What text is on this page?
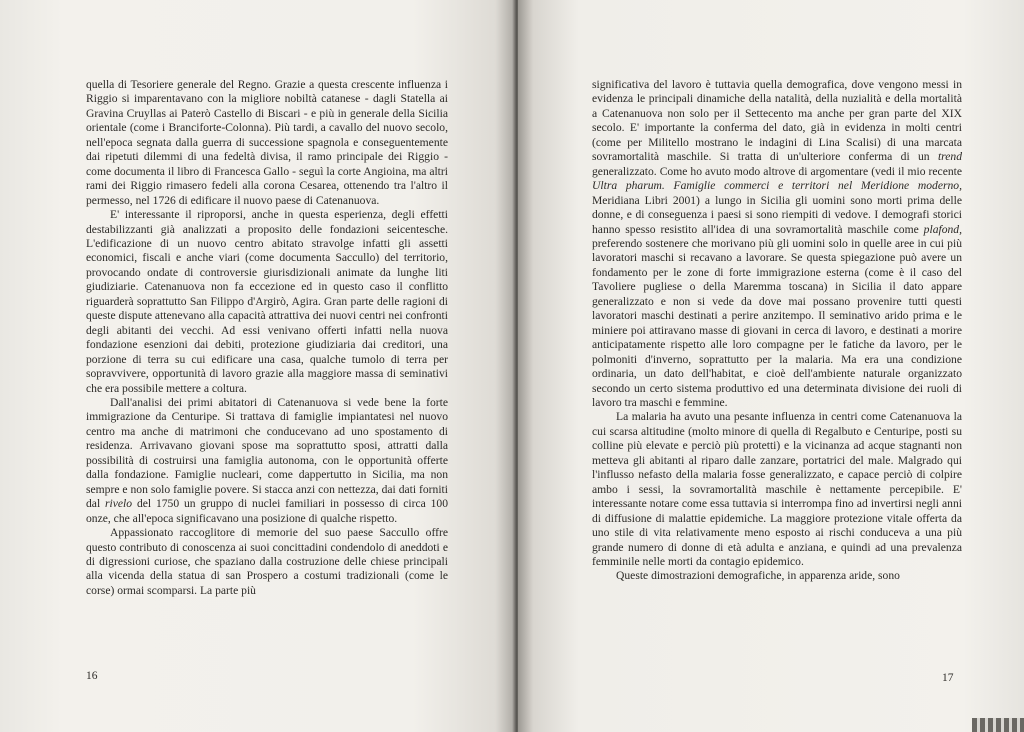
quella di Tesoriere generale del Regno. Grazie a questa crescente influenza i Riggio si imparentavano con la migliore nobiltà catanese - dagli Statella ai Gravina Cruyllas ai Paterò Castello di Biscari - e più in generale della Sicilia orientale (come i Branciforte-Colonna). Più tardi, a cavallo del nuovo secolo, nell'epoca segnata dalla guerra di successione spagnola e conseguentemente dai ripetuti dilemmi di una fedeltà divisa, il ramo principale dei Riggio - come documenta il libro di Francesca Gallo - seguì la corte Angioina, ma altri rami dei Riggio rimasero fedeli alla corona Cesarea, ottenendo tra l'altro il permesso, nel 1726 di edificare il nuovo paese di Catenanuova.

E' interessante il riproporsi, anche in questa esperienza, degli effetti destabilizzanti già analizzati a proposito delle fondazioni seicentesche. L'edificazione di un nuovo centro abitato stravolge infatti gli assetti economici, fiscali e anche viari (come documenta Saccullo) del territorio, provocando ondate di controversie giurisdizionali animate da lunghe liti giudiziarie. Catenanuova non fa eccezione ed in questo caso il conflitto riguarderà soprattutto San Filippo d'Argirò, Agira. Gran parte delle ragioni di queste dispute attenevano alla capacità attrattiva dei nuovi centri nei confronti degli abitanti dei vecchi. Ad essi venivano offerti infatti nella nuova fondazione esenzioni dai debiti, protezione giudiziaria dai creditori, una porzione di terra su cui edificare una casa, qualche tumolo di terra per sopravvivere, opportunità di lavoro grazie alla maggiore massa di seminativi che era possibile mettere a coltura.

Dall'analisi dei primi abitatori di Catenanuova si vede bene la forte immigrazione da Centuripe. Si trattava di famiglie impiantatesi nel nuovo centro ma anche di matrimoni che conducevano ad uno spostamento di residenza. Arrivavano giovani spose ma soprattutto sposi, attratti dalla possibilità di costruirsi una famiglia autonoma, con le opportunità offerte dalla fondazione. Famiglie nucleari, come dappertutto in Sicilia, ma non sempre e non solo famiglie povere. Si stacca anzi con nettezza, dai dati forniti dal rivelo del 1750 un gruppo di nuclei familiari in possesso di circa 100 onze, che all'epoca significavano una posizione di qualche rispetto.

Appassionato raccoglitore di memorie del suo paese Saccullo offre questo contributo di conoscenza ai suoi concittadini condendolo di aneddoti e di digressioni curiose, che spaziano dalla costruzione delle chiese principali alla vicenda della statua di san Prospero a costumi tradizionali (come le corse) ormai scomparsi. La parte più

16

significativa del lavoro è tuttavia quella demografica, dove vengono messi in evidenza le principali dinamiche della natalità, della nuzialità e della mortalità a Catenanuova non solo per il Settecento ma anche per gran parte del XIX secolo. E' importante la conferma del dato, già in evidenza in molti centri (come per Militello mostrano le indagini di Lina Scalisi) di una marcata sovramortalità maschile. Si tratta di un'ulteriore conferma di un trend generalizzato. Come ho avuto modo altrove di argomentare (vedi il mio recente Ultra pharum. Famiglie commerci e territori nel Meridione moderno, Meridiana Libri 2001) a lungo in Sicilia gli uomini sono morti prima delle donne, e di conseguenza i paesi si sono riempiti di vedove. I demografi storici hanno spesso resistito all'idea di una sovramortalità maschile come plafond, preferendo sostenere che morivano più gli uomini solo in quelle aree in cui più lavoratori maschi si recavano a lavorare. Se questa spiegazione può avere un fondamento per le zone di forte immigrazione esterna (come è il caso del Tavoliere pugliese o della Maremma toscana) in Sicilia il dato appare generalizzato e non si vede da dove mai possano provenire tutti questi lavoratori maschi destinati a perire anzitempo. Il seminativo arido prima e le miniere poi attiravano masse di giovani in cerca di lavoro, e destinati a morire anticipatamente rispetto alle loro compagne per le fatiche da lavoro, per le polmoniti d'inverno, soprattutto per la malaria. Ma era una condizione ordinaria, un dato dell'habitat, e cioè dell'ambiente naturale organizzato secondo un certo sistema produttivo ed una determinata divisione dei ruoli di lavoro tra maschi e femmine.

La malaria ha avuto una pesante influenza in centri come Catenanuova la cui scarsa altitudine (molto minore di quella di Regalbuto e Centuripe, posti su colline più elevate e perciò più protetti) e la vicinanza ad acque stagnanti non metteva gli abitanti al riparo dalle zanzare, portatrici del male. Malgrado qui l'influsso nefasto della malaria fosse generalizzato, e capace perciò di colpire ambo i sessi, la sovramortalità maschile è nettamente percepibile. E' interessante notare come essa tuttavia si interrompa fino ad invertirsi negli anni di diffusione di malattie epidemiche. La maggiore protezione vitale offerta da uno stile di vita relativamente meno esposto ai rischi conduceva a una più grande numero di donne di età adulta e anziana, e quindi ad una prevalenza femminile nelle morti da contagio epidemico.

Queste dimostrazioni demografiche, in apparenza aride, sono

17
